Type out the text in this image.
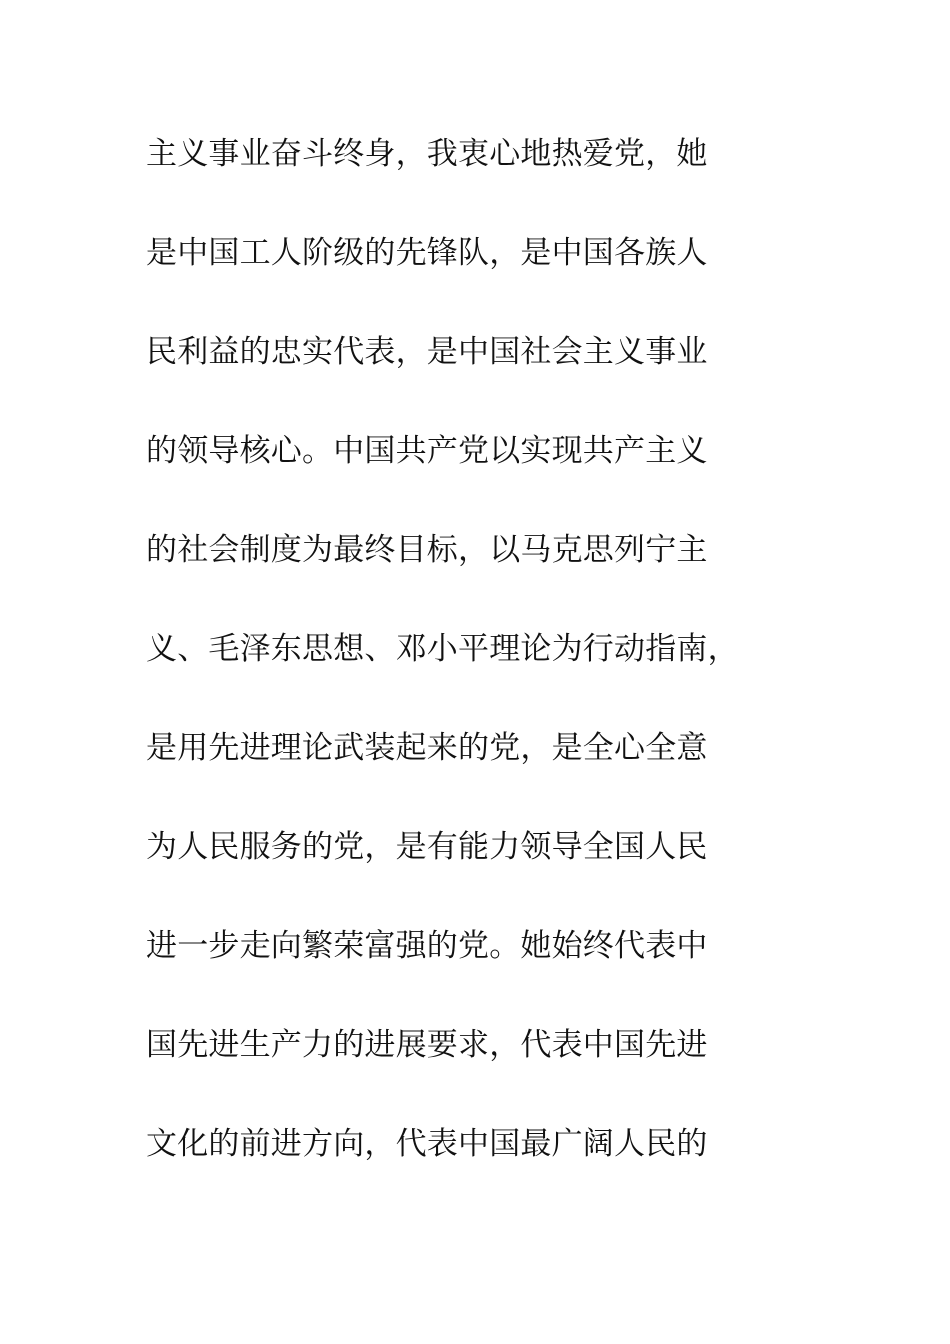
主义事业奋斗终身，我衷心地热爱党，她
是中国工人阶级的先锋队，是中国各族人
民利益的忠实代表，是中国社会主义事业
的领导核心。中国共产党以实现共产主义
的社会制度为最终目标，以马克思列宁主
义、毛泽东思想、邓小平理论为行动指南，
是用先进理论武装起来的党，是全心全意
为人民服务的党，是有能力领导全国人民
进一步走向繁荣富强的党。她始终代表中
国先进生产力的进展要求，代表中国先进
文化的前进方向，代表中国最广阔人民的
